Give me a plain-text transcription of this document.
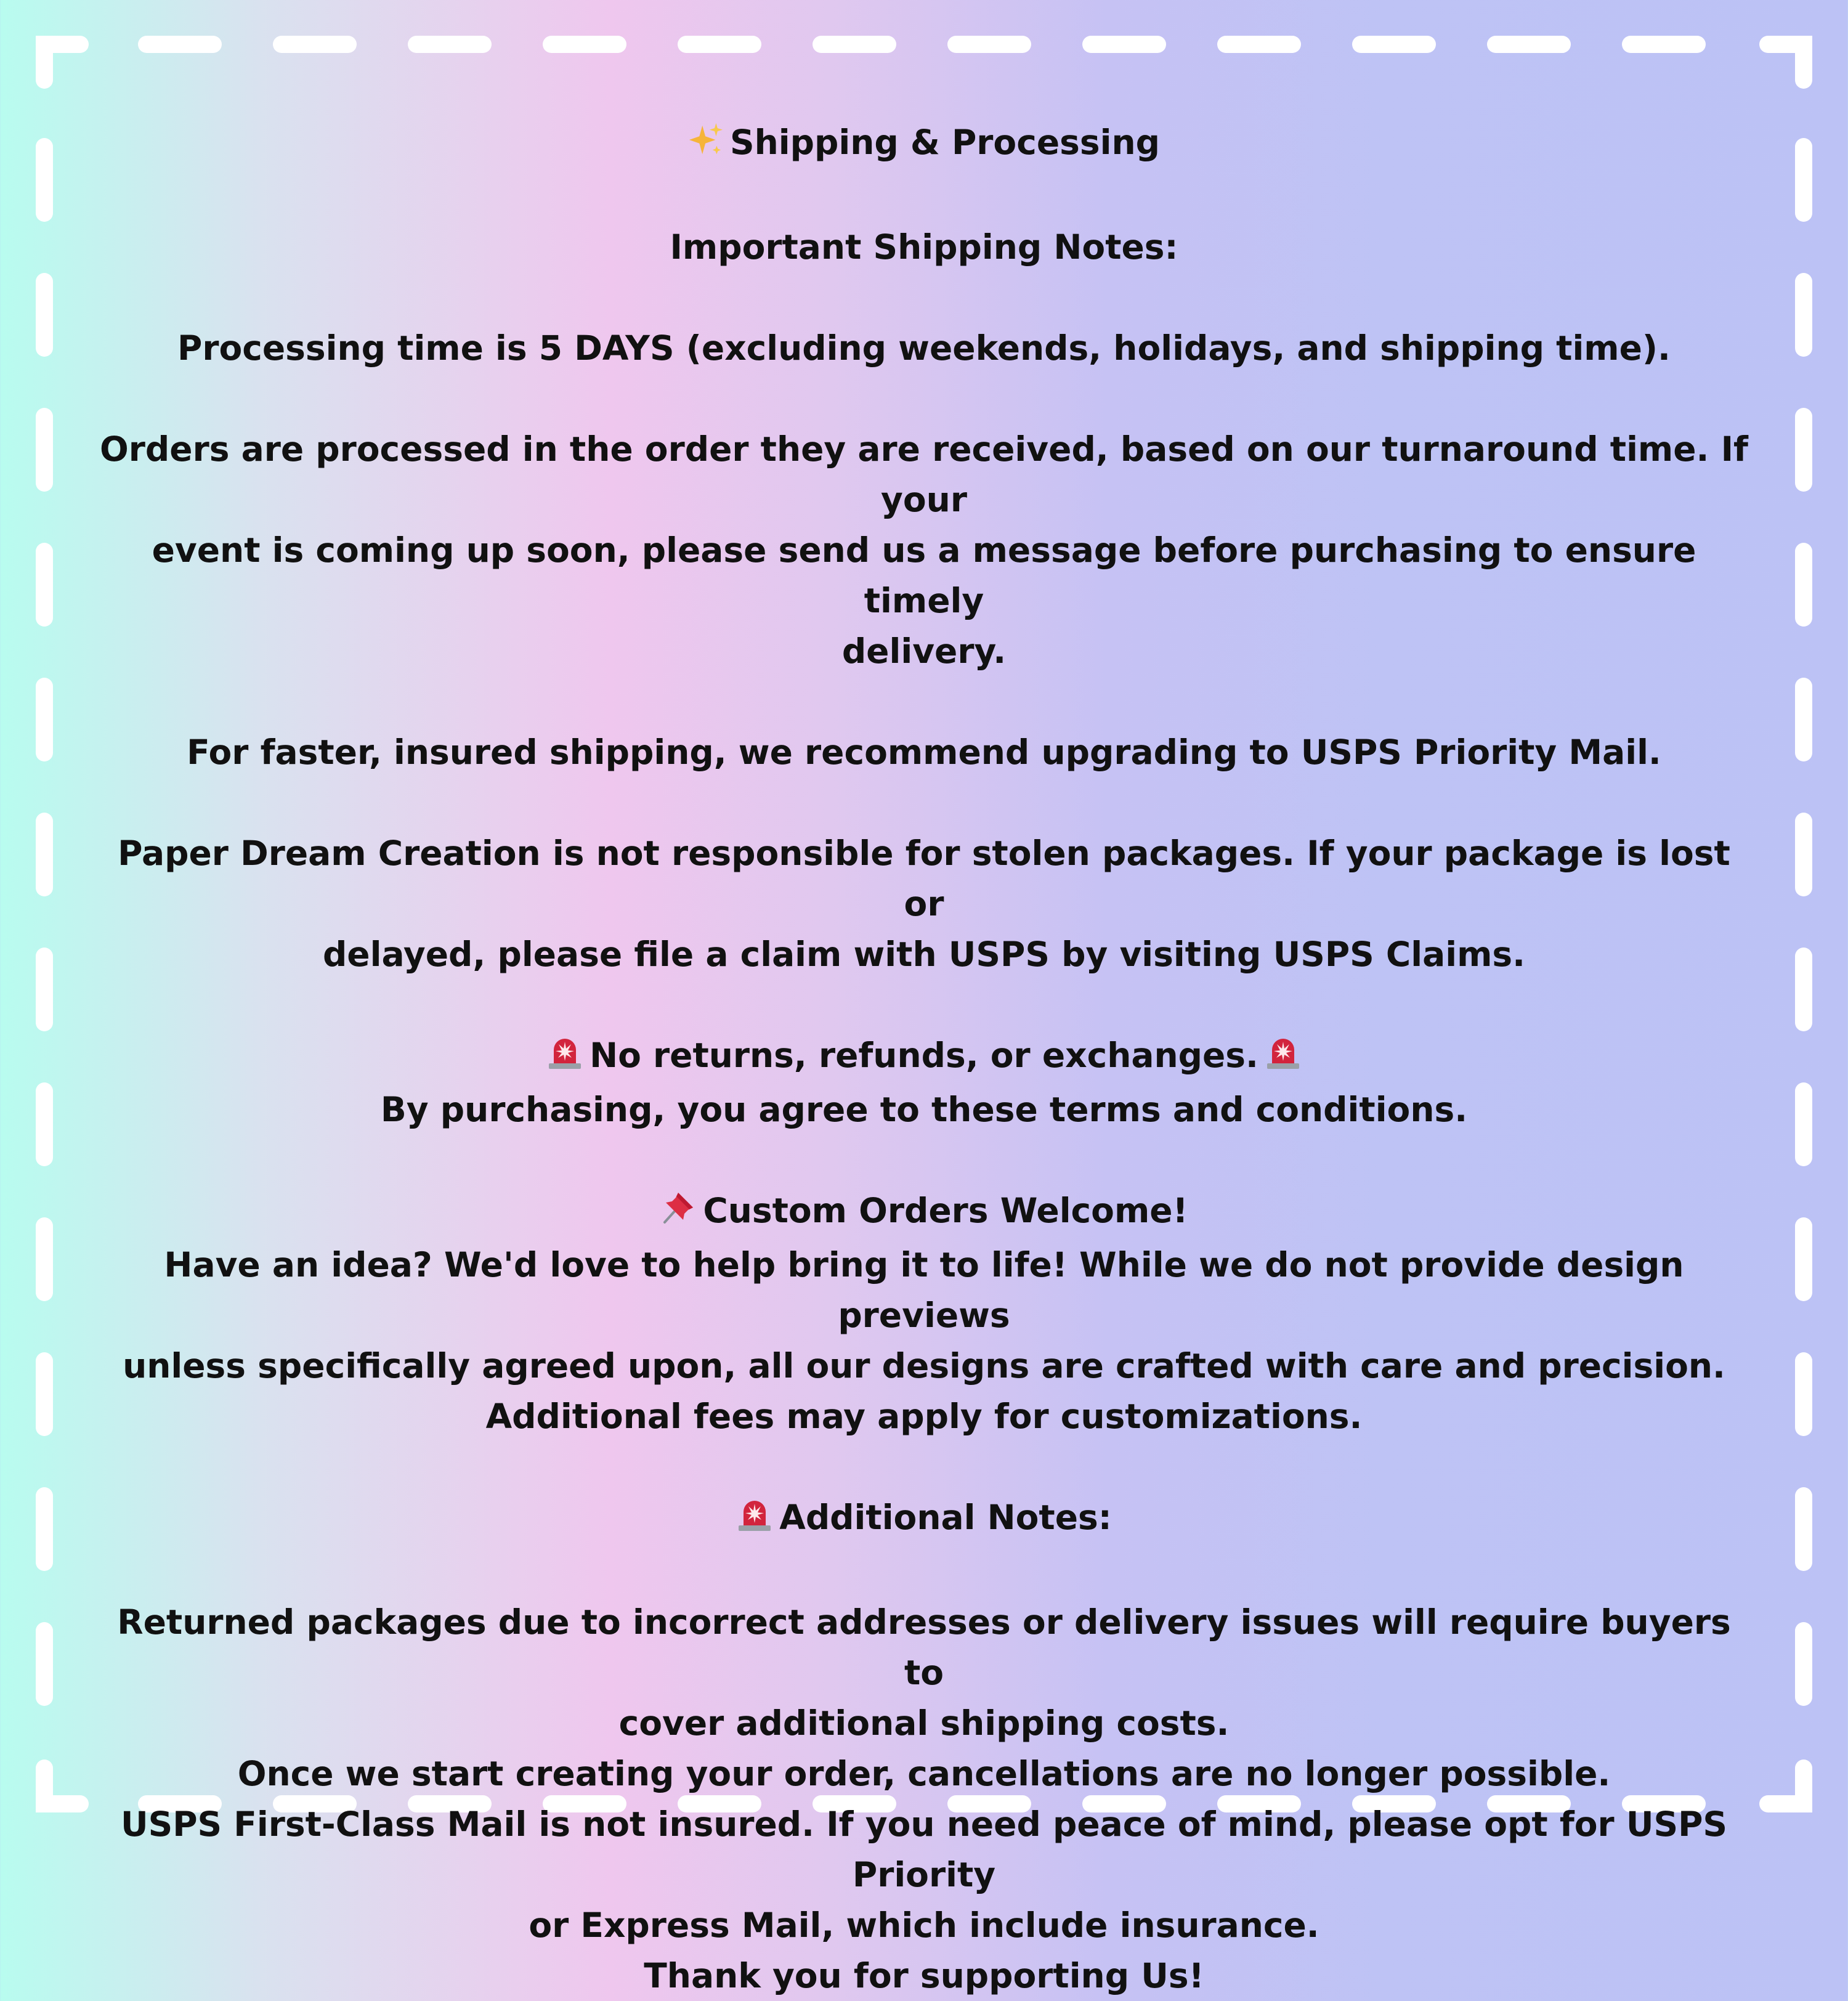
Shipping & Processing

Important Shipping Notes:

Processing time is 5 DAYS (excluding weekends, holidays, and shipping time).

Orders are processed in the order they are received, based on our turnaround time. If your

event is coming up soon, please send us a message before purchasing to ensure timely

delivery.

For faster, insured shipping, we recommend upgrading to USPS Priority Mail.

Paper Dream Creation is not responsible for stolen packages. If your package is lost or

delayed, please file a claim with USPS by visiting USPS Claims.

No returns, refunds, or exchanges.

By purchasing, you agree to these terms and conditions.

Custom Orders Welcome!

Have an idea? We'd love to help bring it to life! While we do not provide design previews

unless specifically agreed upon, all our designs are crafted with care and precision.

Additional fees may apply for customizations.

Additional Notes:

Returned packages due to incorrect addresses or delivery issues will require buyers to

cover additional shipping costs.

Once we start creating your order, cancellations are no longer possible.

USPS First-Class Mail is not insured. If you need peace of mind, please opt for USPS Priority

or Express Mail, which include insurance.

Thank you for supporting Us!
